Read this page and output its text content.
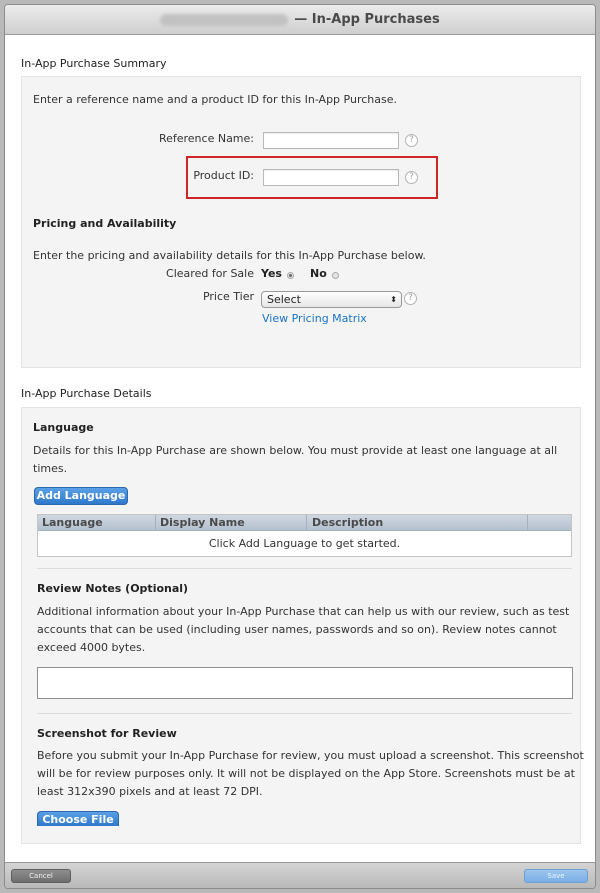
— In-App Purchases
In-App Purchase Summary
Enter a reference name and a product ID for this In-App Purchase.
Reference Name:	?
Product ID:	?
Pricing and Availability
Enter the pricing and availability details for this In-App Purchase below.
Cleared for Sale Yes	No
Price Tier	Select	⬍	?
View Pricing Matrix
In-App Purchase Details
Language
Details for this In-App Purchase are shown below. You must provide at least one language at all
times.
Add Language
Language	Display Name	Description
Click Add Language to get started.
Review Notes (Optional)
Additional information about your In-App Purchase that can help us with our review, such as test
accounts that can be used (including user names, passwords and so on). Review notes cannot
exceed 4000 bytes.
Screenshot for Review
Before you submit your In-App Purchase for review, you must upload a screenshot. This screenshot
will be for review purposes only. It will not be displayed on the App Store. Screenshots must be at
least 312x390 pixels and at least 72 DPI.
Choose File
Cancel	Save
